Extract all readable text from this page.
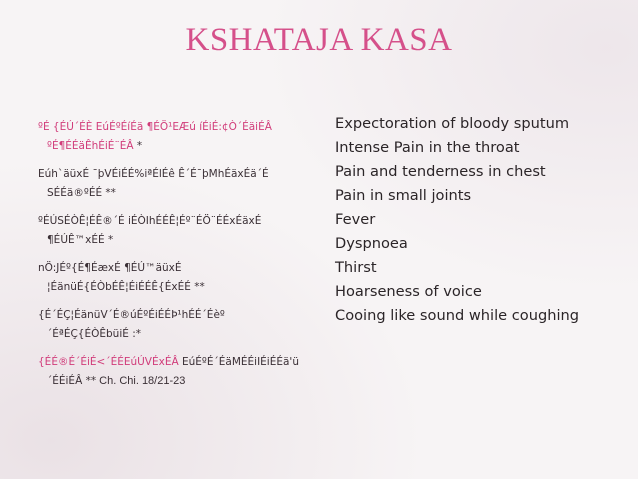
KSHATAJA KASA

ºÉ {ÉÚ´ÉÈ EúÉºÉíÉä ¶ÉÖ¹EÆú íÉiÉ:¢Ò´ÉäiÉÂ ºÉ¶ÉÉäÊhÉiÉ¨ÉÂ *

Eúh`äüxÉ ¯þVÉiÉÉ%iªÉlÉê Ê´É¯þMhÉäxÉä´É SÉÉä®ºÉÉ **

ºÉÚSÉÒÊ¦ÉÊ®´É iÉÒIhÉÉÊ¦Éº¨ÉÖ¨ÉÉxÉäxÉ ¶ÉÚÊ™xÉÉ *

nÖ:JÉº{É¶ÉæxÉ ¶ÉÚ™äüxÉ ¦ÉänüÉ{ÉÒbÉÊ¦ÉiÉÉÊ{ÉxÉÉ **

{É´ÉÇ¦ÉänüV´É®úÉºÉiÉÉÞ¹hÉÉ´Éèº´ÉªÉÇ{ÉÒÊbüiÉ :*

{ÉÉ®É´ÉiÉ<´ÉÉEúÚVÉxÉÂ EúÉºÉ´ÉäMÉÉiIÉiÉÉä'ü´ÉÉiÉÂ ** Ch. Chi. 18/21-23

Expectoration of bloody sputum
Intense Pain in the throat
Pain and tenderness in chest
Pain in small joints
Fever
Dyspnoea
Thirst
Hoarseness of voice
Cooing like sound while coughing
